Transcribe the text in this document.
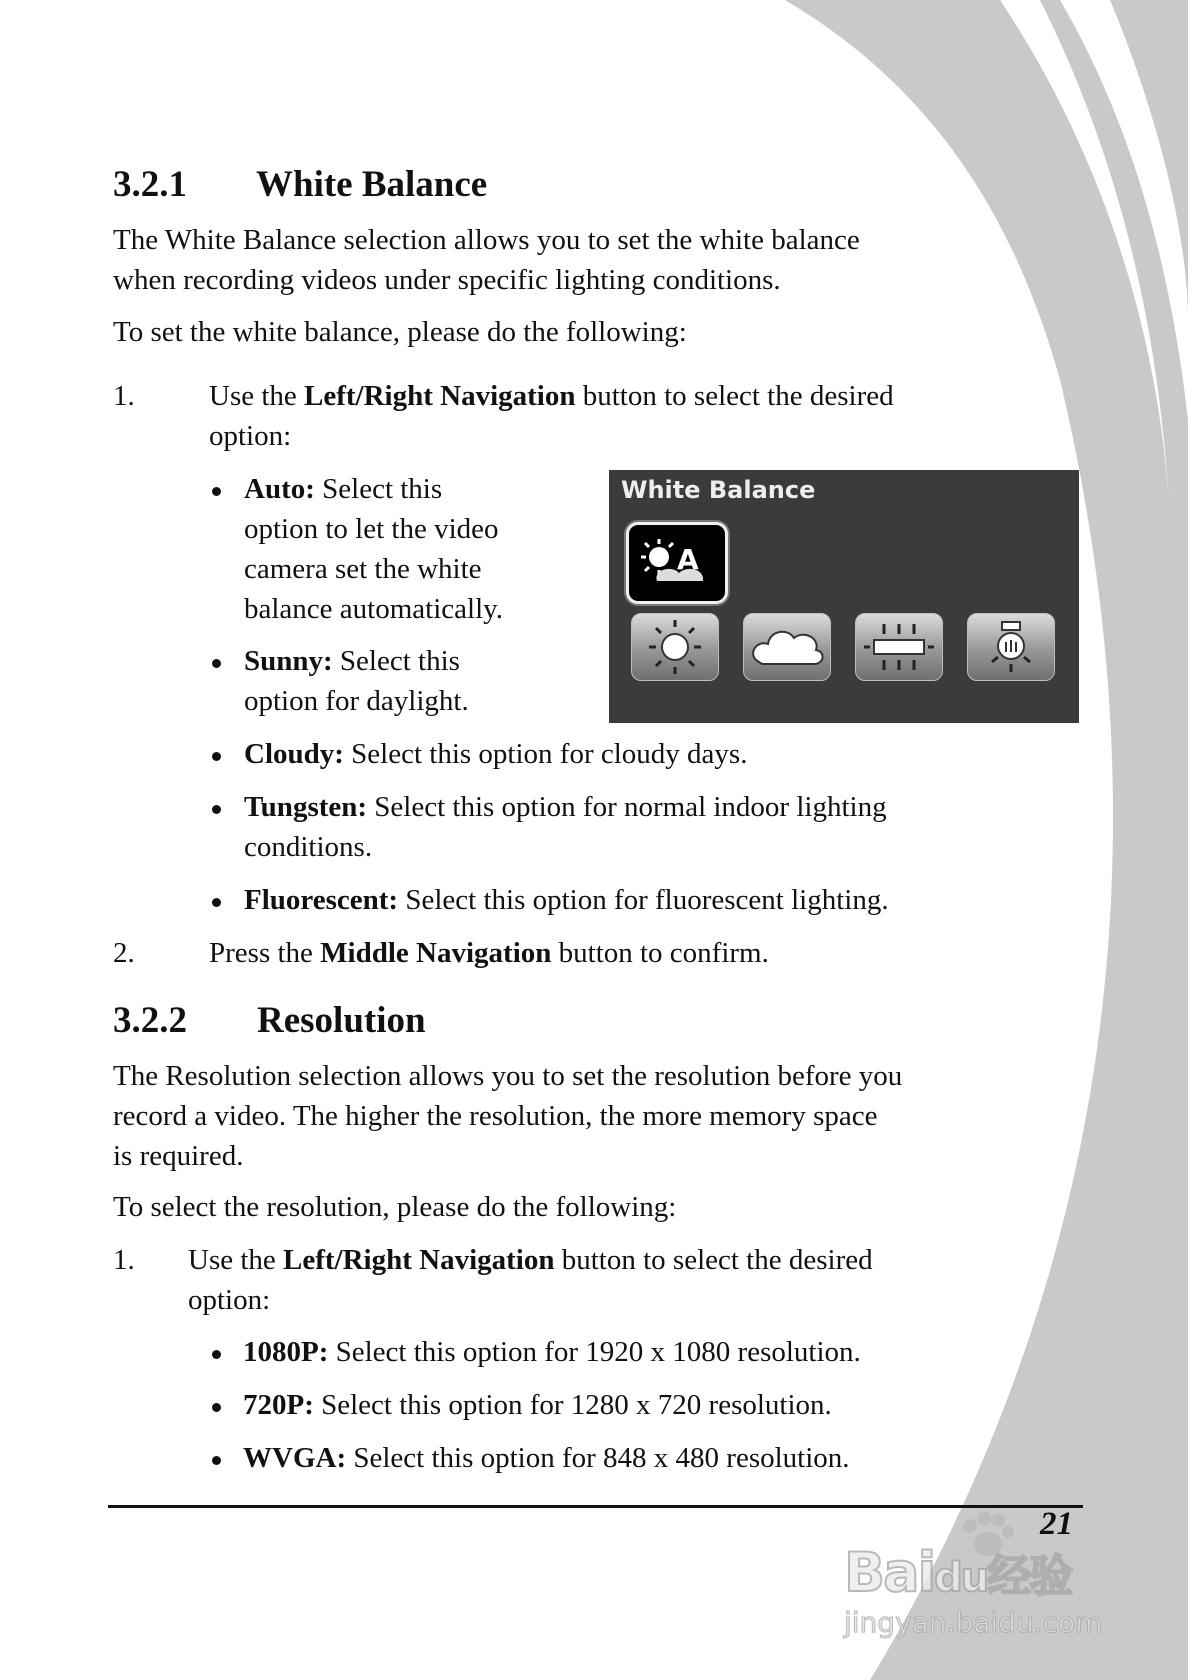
3.2.1 White Balance
The White Balance selection allows you to set the white balance
when recording videos under specific lighting conditions.
To set the white balance, please do the following:
1.	Use the Left/Right Navigation button to select the desired
option:
Auto: Select this
option to let the video
camera set the white
balance automatically.
Sunny: Select this
option for daylight.
White Balance
A
Cloudy: Select this option for cloudy days.
Tungsten: Select this option for normal indoor lighting
conditions.
Fluorescent: Select this option for fluorescent lighting.
2.	Press the Middle Navigation button to confirm.
3.2.2 Resolution
The Resolution selection allows you to set the resolution before you
record a video. The higher the resolution, the more memory space
is required.
To select the resolution, please do the following:
1. Use the Left/Right Navigation button to select the desired
option:
1080P: Select this option for 1920 x 1080 resolution.
720P: Select this option for 1280 x 720 resolution.
WVGA: Select this option for 848 x 480 resolution.
21
Baidu经验
jingyan.baidu.com
